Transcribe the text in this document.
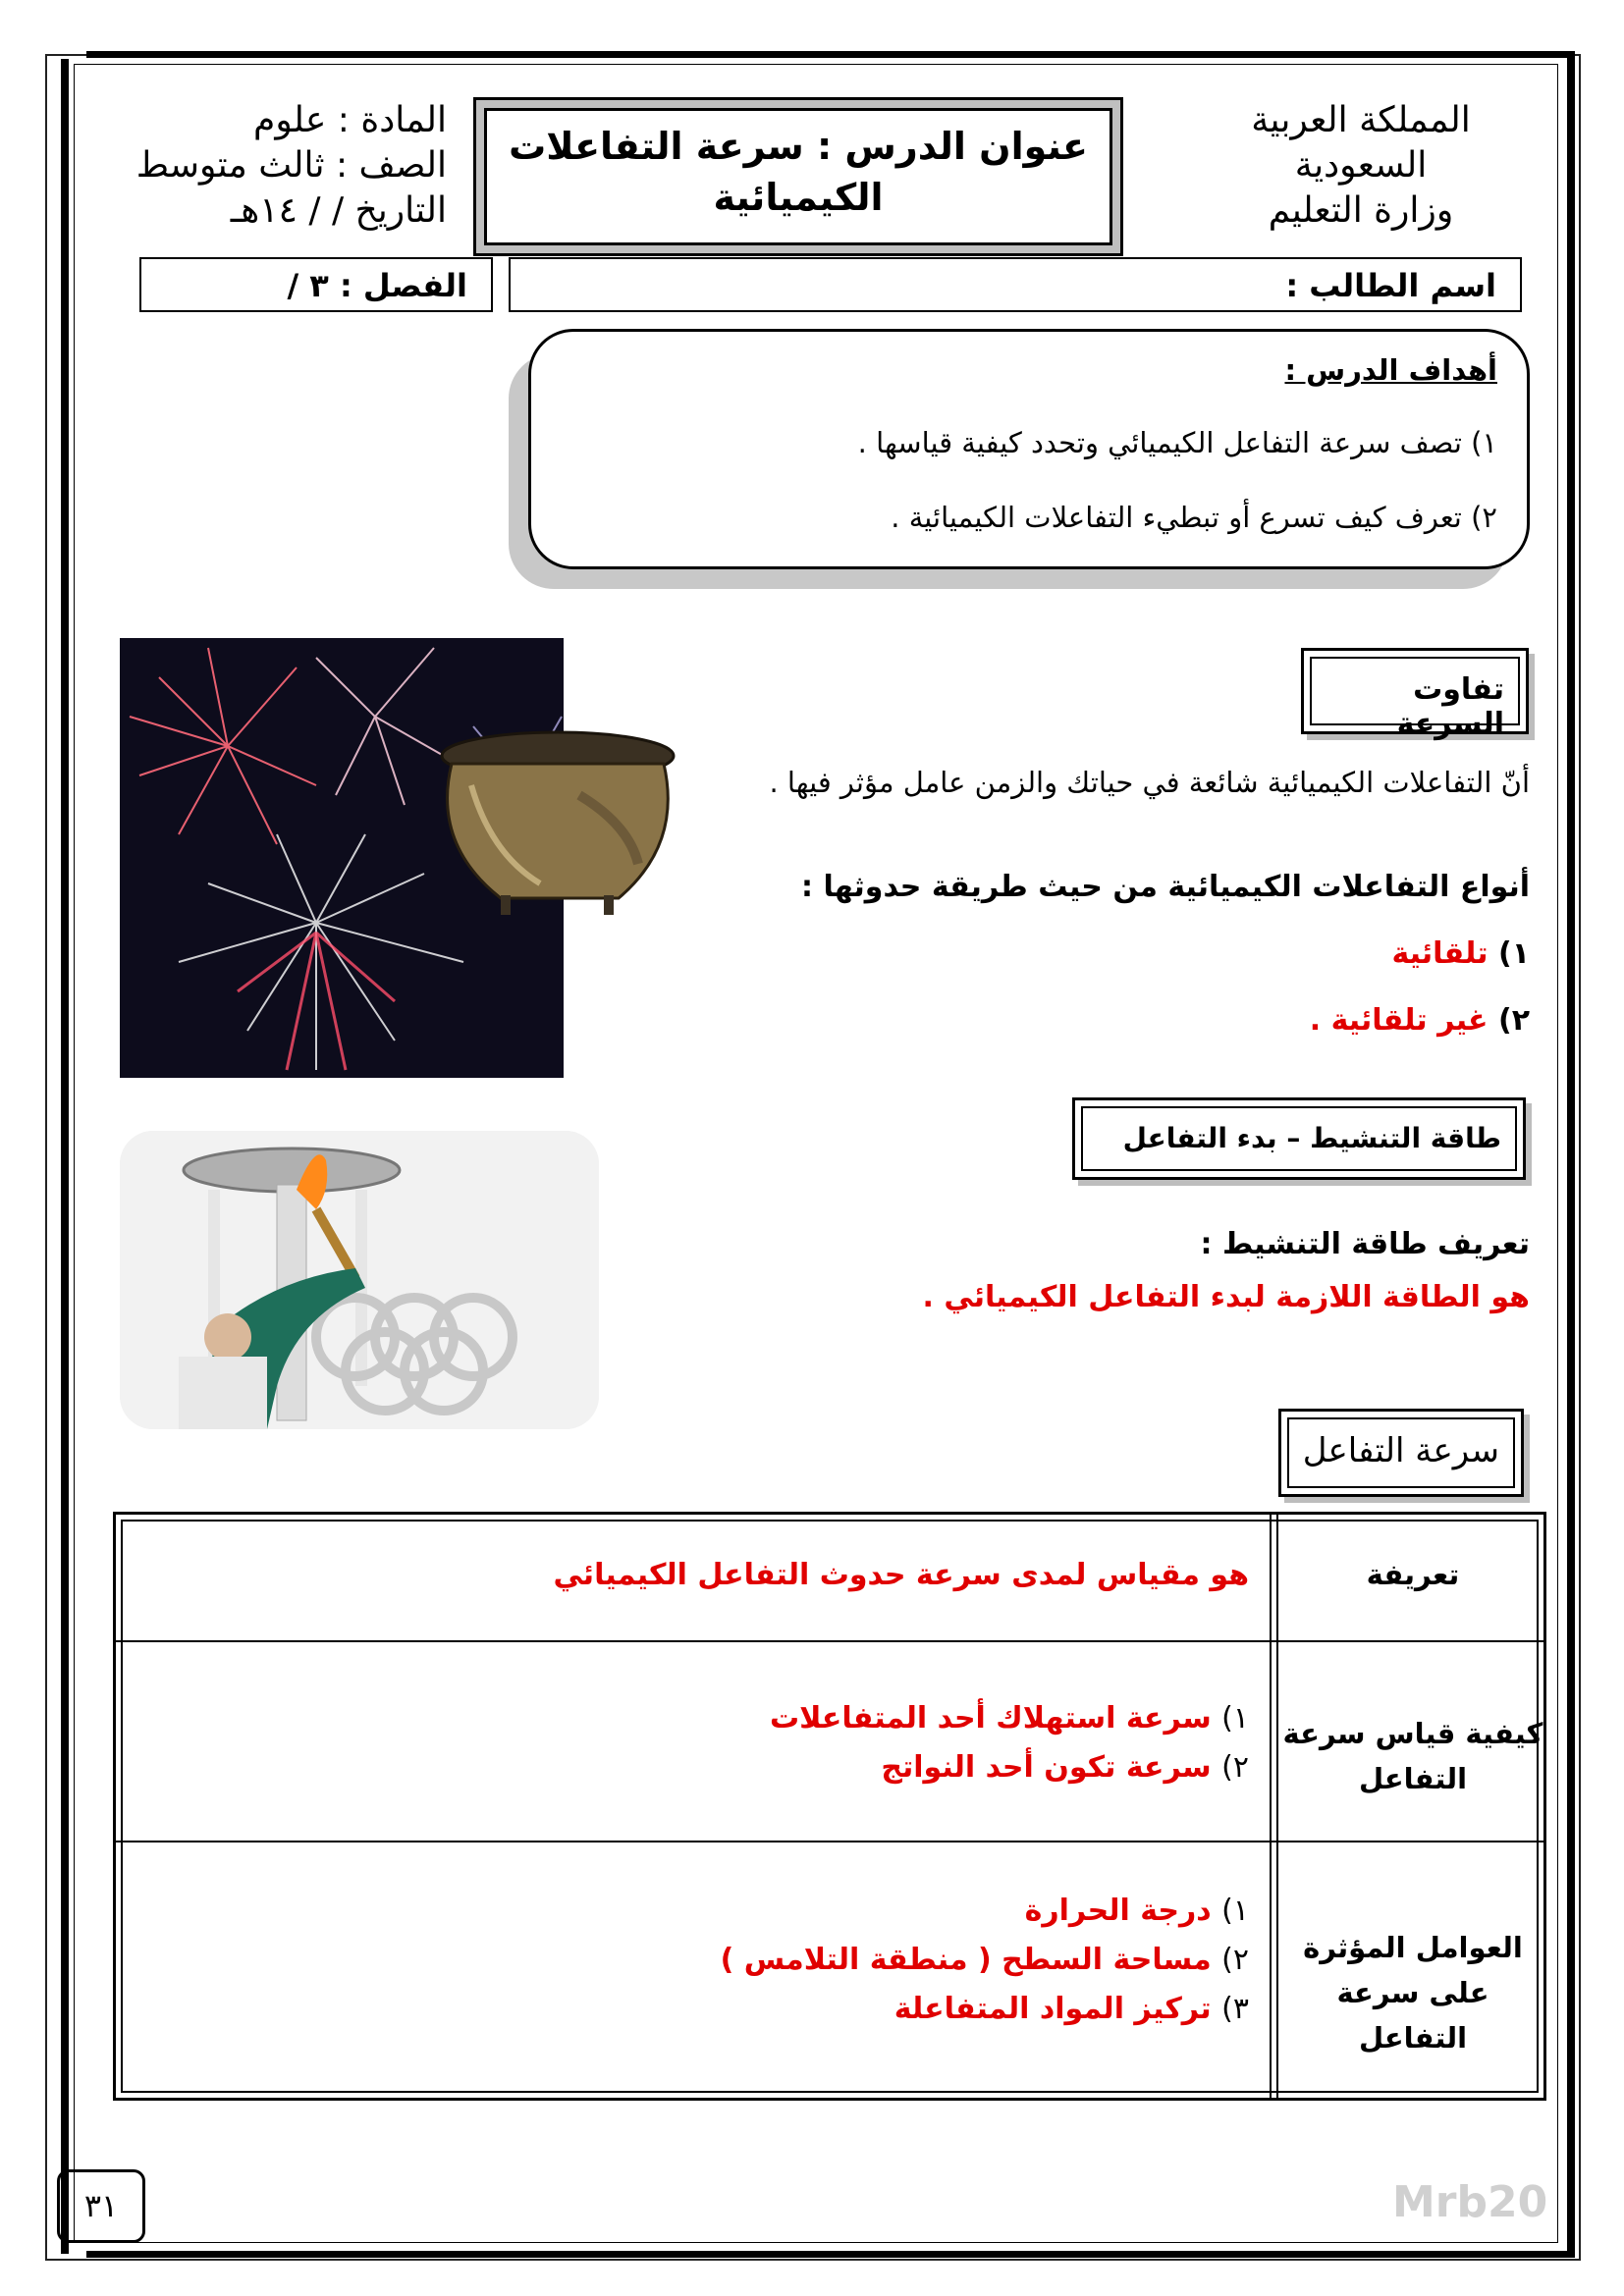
المملكة العربية السعودية
وزارة التعليم
عنوان الدرس : سرعة التفاعلات
الكيميائية
المادة : علوم
الصف : ثالث متوسط
التاريخ / / ١٤هـ
اسم الطالب :
الفصل : ٣ /
أهداف الدرس :
١) تصف سرعة التفاعل الكيميائي وتحدد كيفية قياسها .
٢) تعرف كيف تسرع أو تبطيء التفاعلات الكيميائية .
تفاوت السرعة
أنّ التفاعلات الكيميائية شائعة في حياتك والزمن عامل مؤثر فيها .
أنواع التفاعلات الكيميائية من حيث طريقة حدوثها :
١) تلقائية
٢) غير تلقائية .
طاقة التنشيط – بدء التفاعل
تعريف طاقة التنشيط :
هو الطاقة اللازمة لبدء التفاعل الكيميائي .
سرعة التفاعل
تعريفة
هو مقياس لمدى سرعة حدوث التفاعل الكيميائي
كيفية قياس سرعة
التفاعل
١) سرعة استهلاك أحد المتفاعلات
٢) سرعة تكون أحد النواتج
العوامل المؤثرة
على سرعة التفاعل
١) درجة الحرارة
٢) مساحة السطح ( منطقة التلامس )
٣) تركيز المواد المتفاعلة
٣١	Mrb20
